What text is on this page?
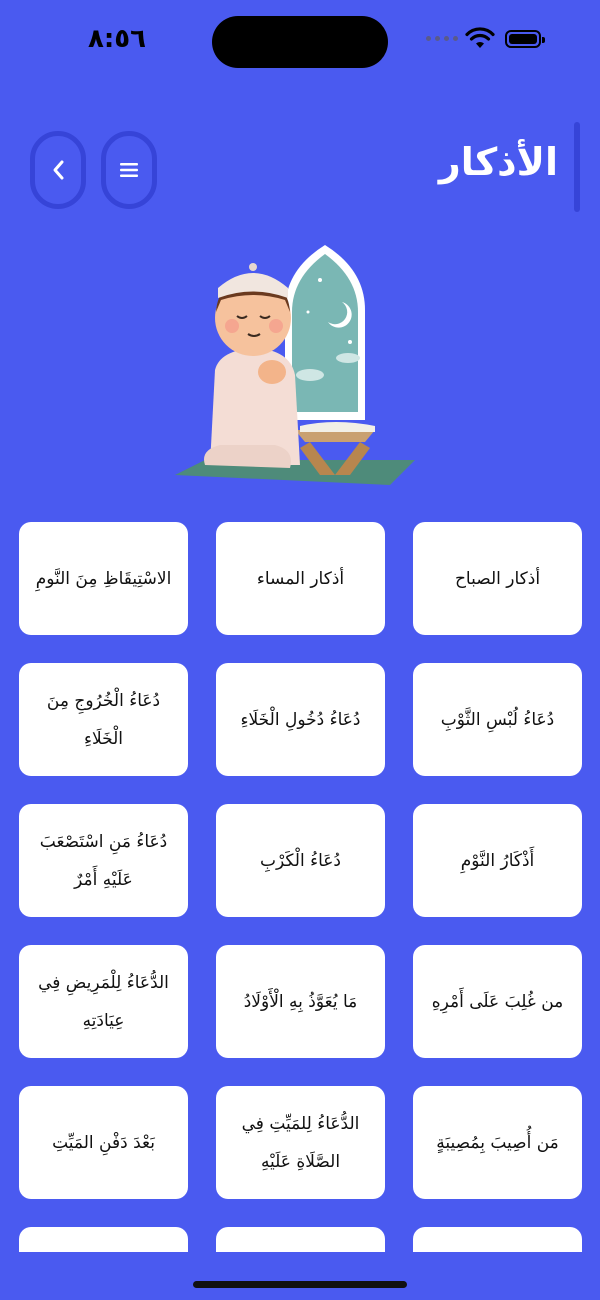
٨:٥٦
الأذكار
أذكار الصباح
أذكار المساء
الاسْتِيقَاظِ مِنَ النَّومِ
دُعَاءُ لُبْسِ الثَّوْبِ
دُعَاءُ دُخُولِ الْخَلَاءِ
دُعَاءُ الْخُرُوجِ مِنَ الْخَلَاءِ
أَذْكَارُ النَّوْمِ
دُعَاءُ الْكَرْبِ
دُعَاءُ مَنِ اسْتَصْعَبَ عَلَيْهِ أَمْرٌ
من غُلِبَ عَلَى أَمْرِهِ
مَا يُعَوَّذُ بِهِ الْأَوْلَادُ
الدُّعَاءُ لِلْمَرِيضِ فِي عِيَادَتِهِ
مَن أُصِيبَ بِمُصِيبَةٍ
الدُّعَاءُ لِلمَيِّتِ فِي الصَّلَاةِ عَلَيْهِ
بَعْدَ دَفْنِ المَيِّتِ
